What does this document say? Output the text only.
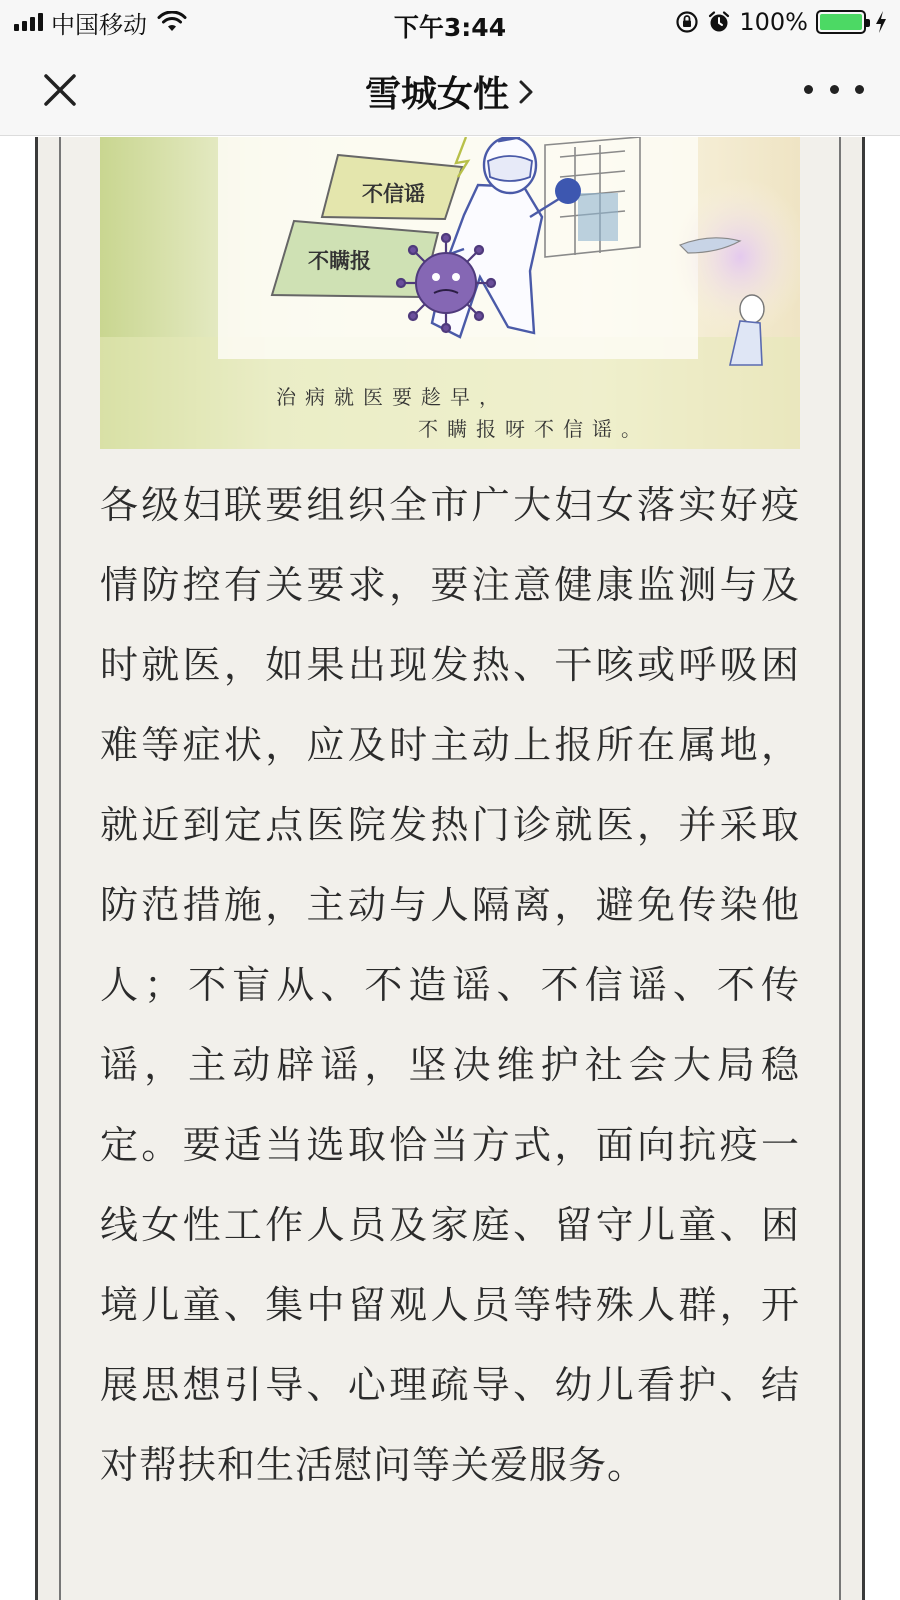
中国移动	下午3:44	100%
雪城女性
不信谣
不瞒报
治病就医要趁早，
不瞒报呀不信谣。

各级妇联要组织全市广大妇女落实好疫情防控有关要求，要注意健康监测与及时就医，如果出现发热、干咳或呼吸困难等症状，应及时主动上报所在属地，就近到定点医院发热门诊就医，并采取防范措施，主动与人隔离，避免传染他人；不盲从、不造谣、不信谣、不传谣，主动辟谣，坚决维护社会大局稳定。要适当选取恰当方式，面向抗疫一线女性工作人员及家庭、留守儿童、困境儿童、集中留观人员等特殊人群，开展思想引导、心理疏导、幼儿看护、结对帮扶和生活慰问等关爱服务。
